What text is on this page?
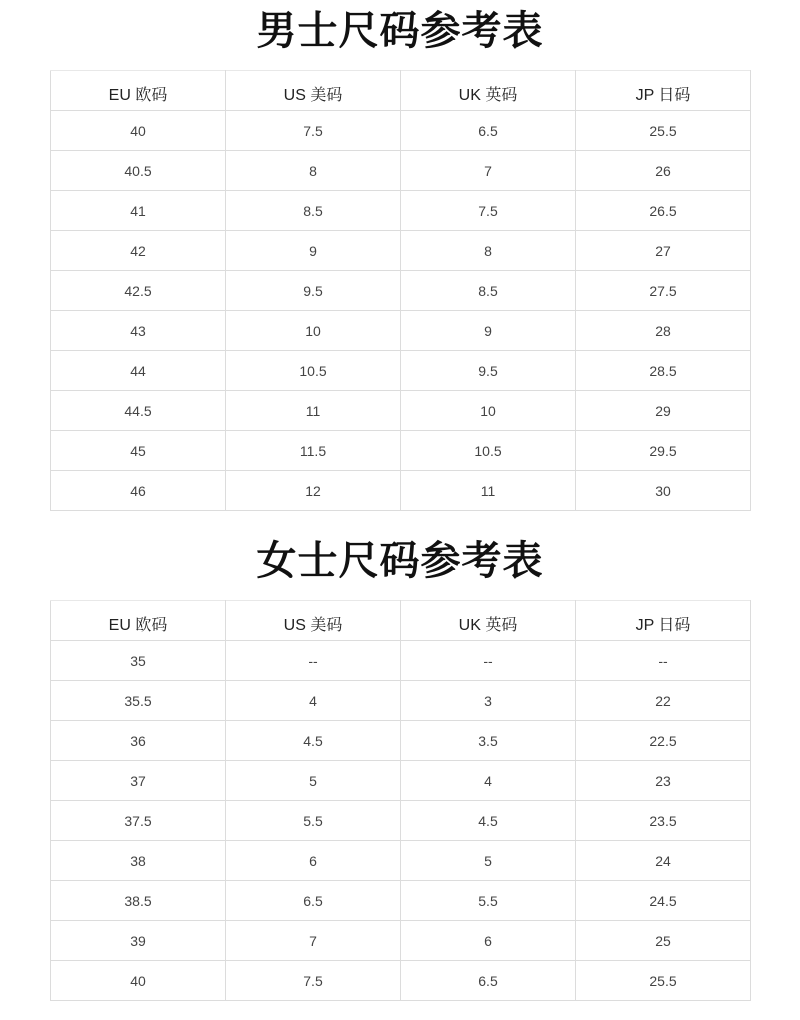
男士尺码参考表
EU 欧码	US 美码	UK 英码	JP 日码
40	7.5	6.5	25.5
40.5	8	7	26
41	8.5	7.5	26.5
42	9	8	27
42.5	9.5	8.5	27.5
43	10	9	28
44	10.5	9.5	28.5
44.5	11	10	29
45	11.5	10.5	29.5
46	12	11	30
女士尺码参考表
EU 欧码	US 美码	UK 英码	JP 日码
35	--	--	--
35.5	4	3	22
36	4.5	3.5	22.5
37	5	4	23
37.5	5.5	4.5	23.5
38	6	5	24
38.5	6.5	5.5	24.5
39	7	6	25
40	7.5	6.5	25.5
